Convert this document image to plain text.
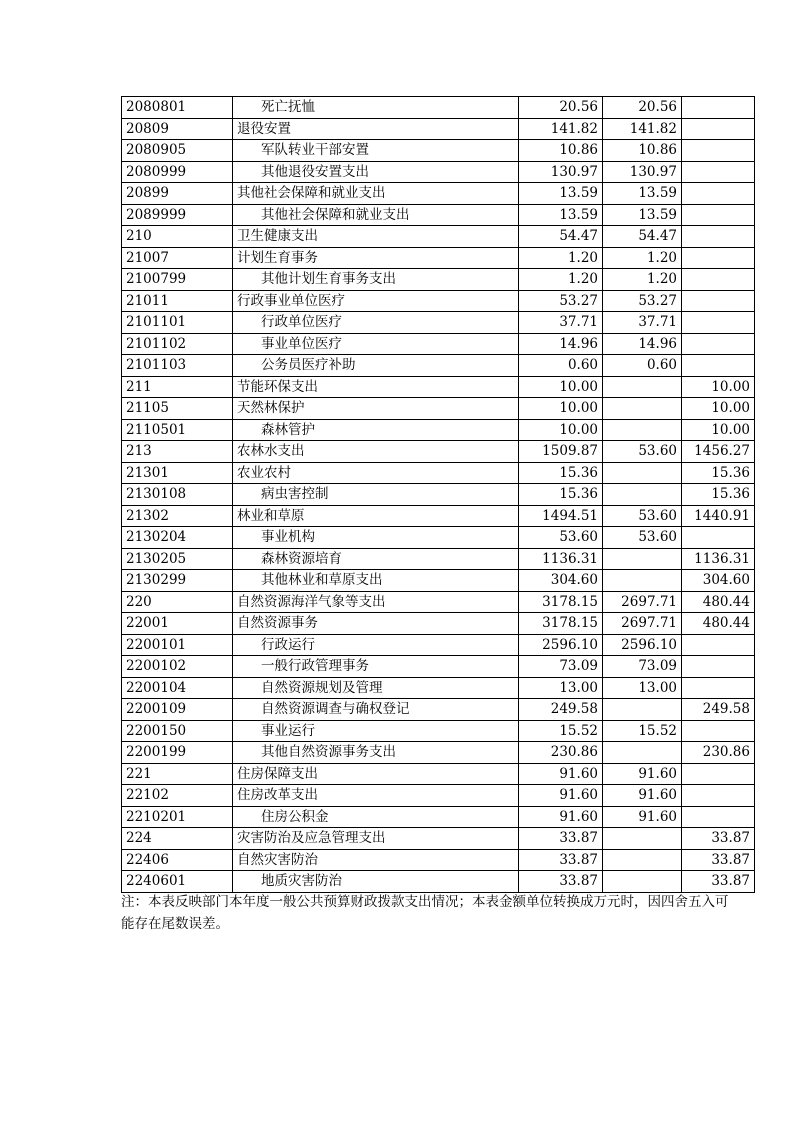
2080801	死亡抚恤	20.56	20.56	
20809	退役安置	141.82	141.82	
2080905	军队转业干部安置	10.86	10.86	
2080999	其他退役安置支出	130.97	130.97	
20899	其他社会保障和就业支出	13.59	13.59	
2089999	其他社会保障和就业支出	13.59	13.59	
210	卫生健康支出	54.47	54.47	
21007	计划生育事务	1.20	1.20	
2100799	其他计划生育事务支出	1.20	1.20	
21011	行政事业单位医疗	53.27	53.27	
2101101	行政单位医疗	37.71	37.71	
2101102	事业单位医疗	14.96	14.96	
2101103	公务员医疗补助	0.60	0.60	
211	节能环保支出	10.00		10.00
21105	天然林保护	10.00		10.00
2110501	森林管护	10.00		10.00
213	农林水支出	1509.87	53.60	1456.27
21301	农业农村	15.36		15.36
2130108	病虫害控制	15.36		15.36
21302	林业和草原	1494.51	53.60	1440.91
2130204	事业机构	53.60	53.60	
2130205	森林资源培育	1136.31		1136.31
2130299	其他林业和草原支出	304.60		304.60
220	自然资源海洋气象等支出	3178.15	2697.71	480.44
22001	自然资源事务	3178.15	2697.71	480.44
2200101	行政运行	2596.10	2596.10	
2200102	一般行政管理事务	73.09	73.09	
2200104	自然资源规划及管理	13.00	13.00	
2200109	自然资源调查与确权登记	249.58		249.58
2200150	事业运行	15.52	15.52	
2200199	其他自然资源事务支出	230.86		230.86
221	住房保障支出	91.60	91.60	
22102	住房改革支出	91.60	91.60	
2210201	住房公积金	91.60	91.60	
224	灾害防治及应急管理支出	33.87		33.87
22406	自然灾害防治	33.87		33.87
2240601	地质灾害防治	33.87		33.87
注：本表反映部门本年度一般公共预算财政拨款支出情况；本表金额单位转换成万元时，因四舍五入可能存在尾数误差。
